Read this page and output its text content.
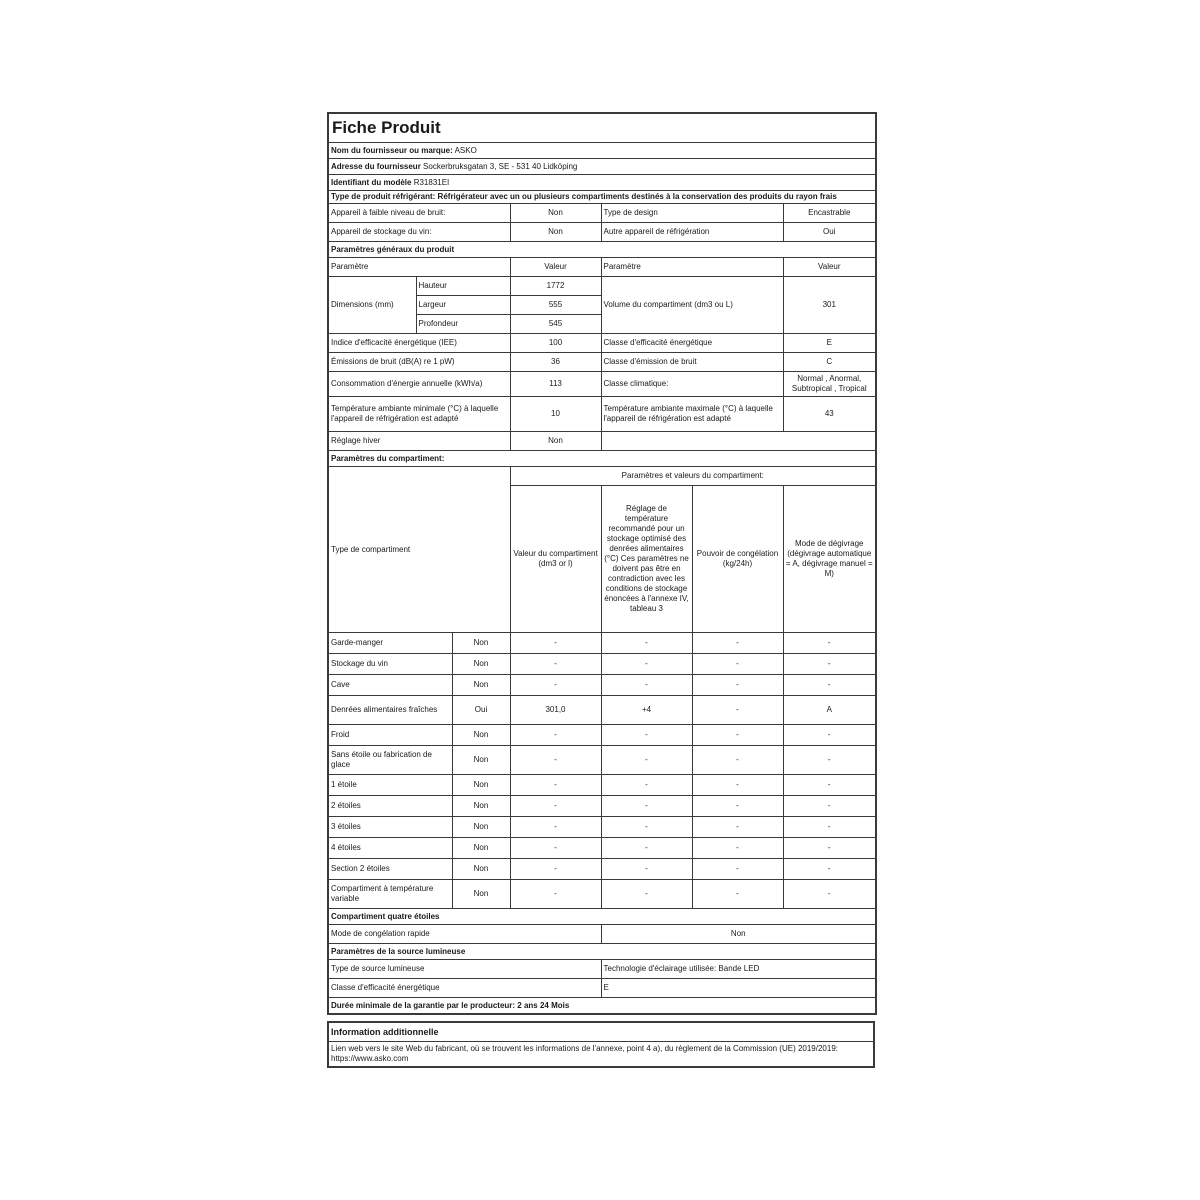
Fiche Produit						
Nom du fournisseur ou marque: ASKO						
Adresse du fournisseur Sockerbruksgatan 3, SE - 531 40 Lidköping						
Identifiant du modèle R31831EI						
Type de produit réfrigérant: Réfrigérateur avec un ou plusieurs compartiments destinés à la conservation des produits du rayon frais						
Appareil à faible niveau de bruit:			Non	Type de design		Encastrable
Appareil de stockage du vin:			Non	Autre appareil de réfrigération		Oui
Paramètres généraux du produit						
Paramètre			Valeur	Paramètre		Valeur
Dimensions (mm)	Hauteur		1772	Volume du compartiment (dm3 ou L)		301
	Largeur		555			
	Profondeur		545			
Indice d'efficacité énergétique (IEE)			100	Classe d'efficacité énergétique		E
Émissions de bruit (dB(A) re 1 pW)			36	Classe d'émission de bruit		C
Consommation d'énergie annuelle (kWh/a)			113	Classe climatique:		Normal , Anormal, Subtropical , Tropical
Température ambiante minimale (°C) à laquelle l'appareil de réfrigération est adapté			10	Température ambiante maximale (°C) à laquelle l'appareil de réfrigération est adapté		43
Réglage hiver			Non			
Paramètres du compartiment:						
Type de compartiment			Paramètres et valeurs du compartiment:			
			Valeur du compartiment (dm3 or l)	Réglage de température recommandé pour un stockage optimisé des denrées alimentaires (°C) Ces paramètres ne doivent pas être en contradiction avec les conditions de stockage énoncées à l'annexe IV, tableau 3	Pouvoir de congélation (kg/24h)	Mode de dégivrage (dégivrage automatique = A, dégivrage manuel = M)
Garde-manger		Non	-	-	-	-
Stockage du vin		Non	-	-	-	-
Cave		Non	-	-	-	-
Denrées alimentaires fraîches		Oui	301,0	+4	-	A
Froid		Non	-	-	-	-
Sans étoile ou fabrication de glace		Non	-	-	-	-
1 étoile		Non	-	-	-	-
2 étoiles		Non	-	-	-	-
3 étoiles		Non	-	-	-	-
4 étoiles		Non	-	-	-	-
Section 2 étoiles		Non	-	-	-	-
Compartiment à température variable		Non	-	-	-	-
Compartiment quatre étoiles						
Mode de congélation rapide				Non		
Paramètres de la source lumineuse						
Type de source lumineuse				Technologie d'éclairage utilisée: Bande LED		
Classe d'efficacité énergétique				E		
Durée minimale de la garantie par le producteur: 2 ans 24 Mois						
Information additionnelle
Lien web vers le site Web du fabricant, où se trouvent les informations de l'annexe, point 4 a), du règlement de la Commission (UE) 2019/2019: https://www.asko.com
